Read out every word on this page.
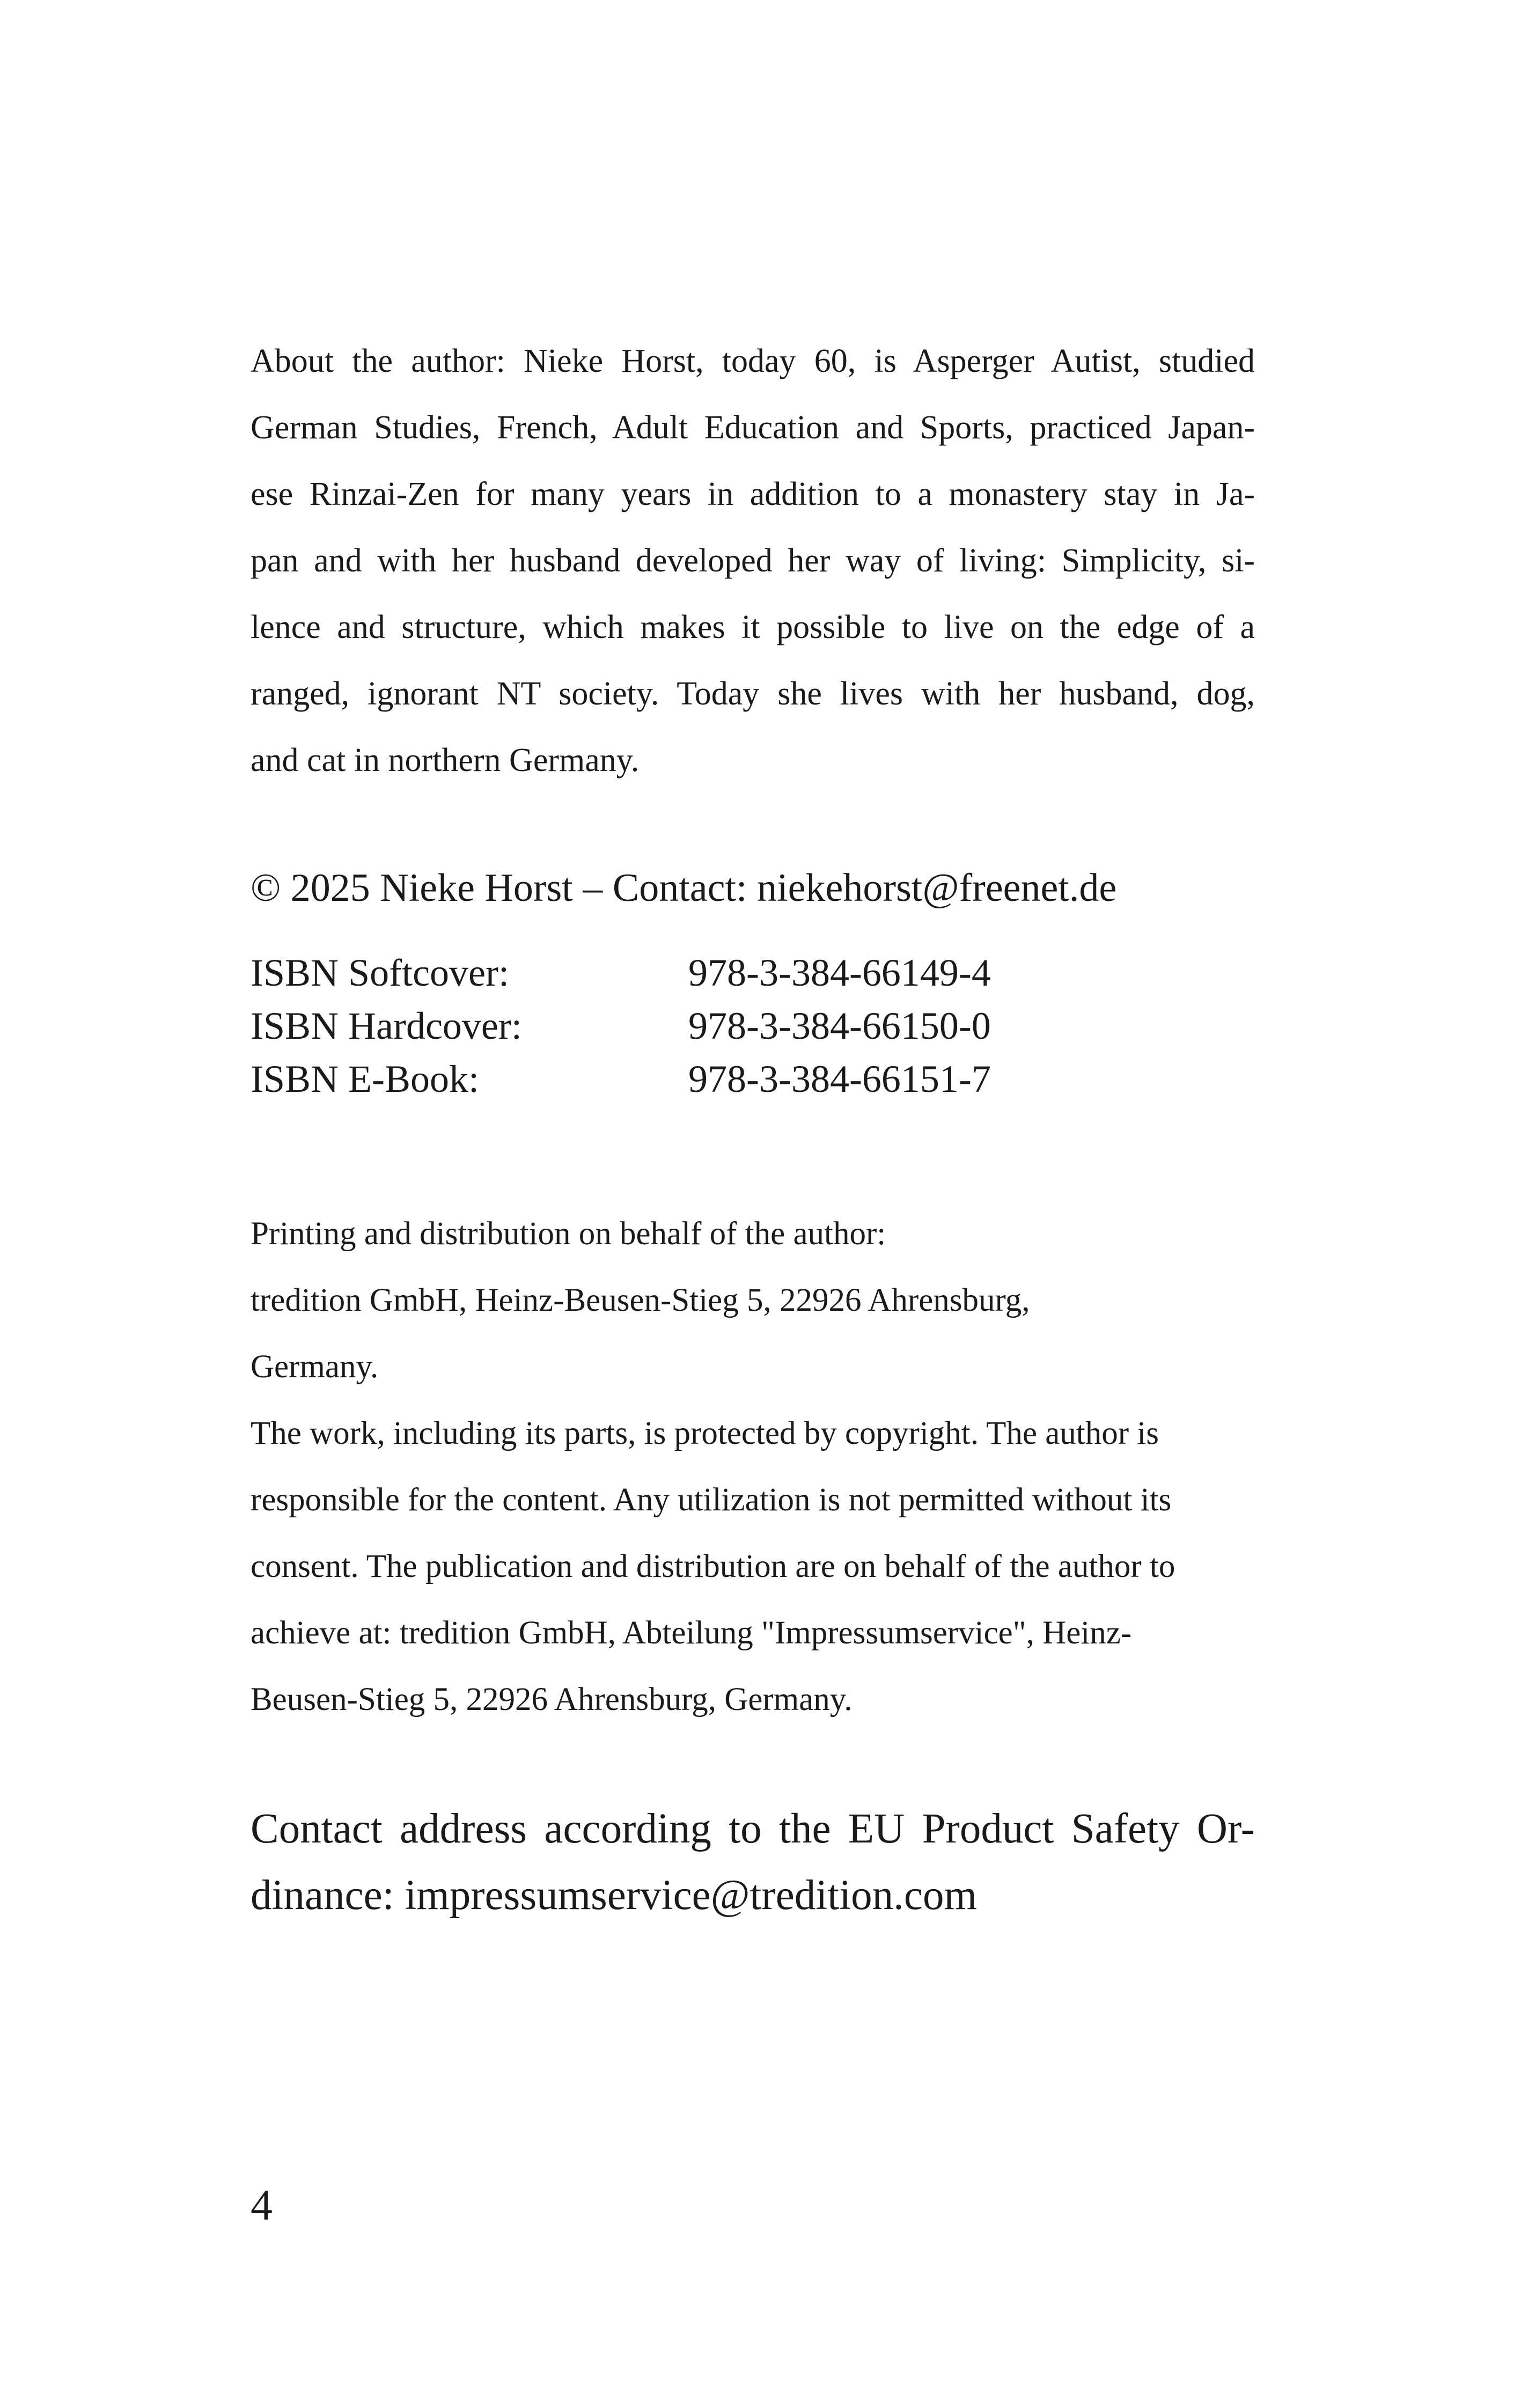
About the author: Nieke Horst, today 60, is Asperger Autist, studied

German Studies, French, Adult Education and Sports, practiced Japan-

ese Rinzai-Zen for many years in addition to a monastery stay in Ja-

pan and with her husband developed her way of living: Simplicity, si-

lence and structure, which makes it possible to live on the edge of a

ranged, ignorant NT society. Today she lives with her husband, dog,

and cat in northern Germany.

© 2025 Nieke Horst – Contact: niekehorst@freenet.de

ISBN Softcover:	978-3-384-66149-4

ISBN Hardcover:	978-3-384-66150-0

ISBN E-Book:	978-3-384-66151-7

Printing and distribution on behalf of the author:

tredition GmbH, Heinz-Beusen-Stieg 5, 22926 Ahrensburg,

Germany.

The work, including its parts, is protected by copyright. The author is

responsible for the content. Any utilization is not permitted without its

consent. The publication and distribution are on behalf of the author to

achieve at: tredition GmbH, Abteilung "Impressumservice", Heinz-

Beusen-Stieg 5, 22926 Ahrensburg, Germany.

Contact address according to the EU Product Safety Or-

dinance: impressumservice@tredition.com

4
